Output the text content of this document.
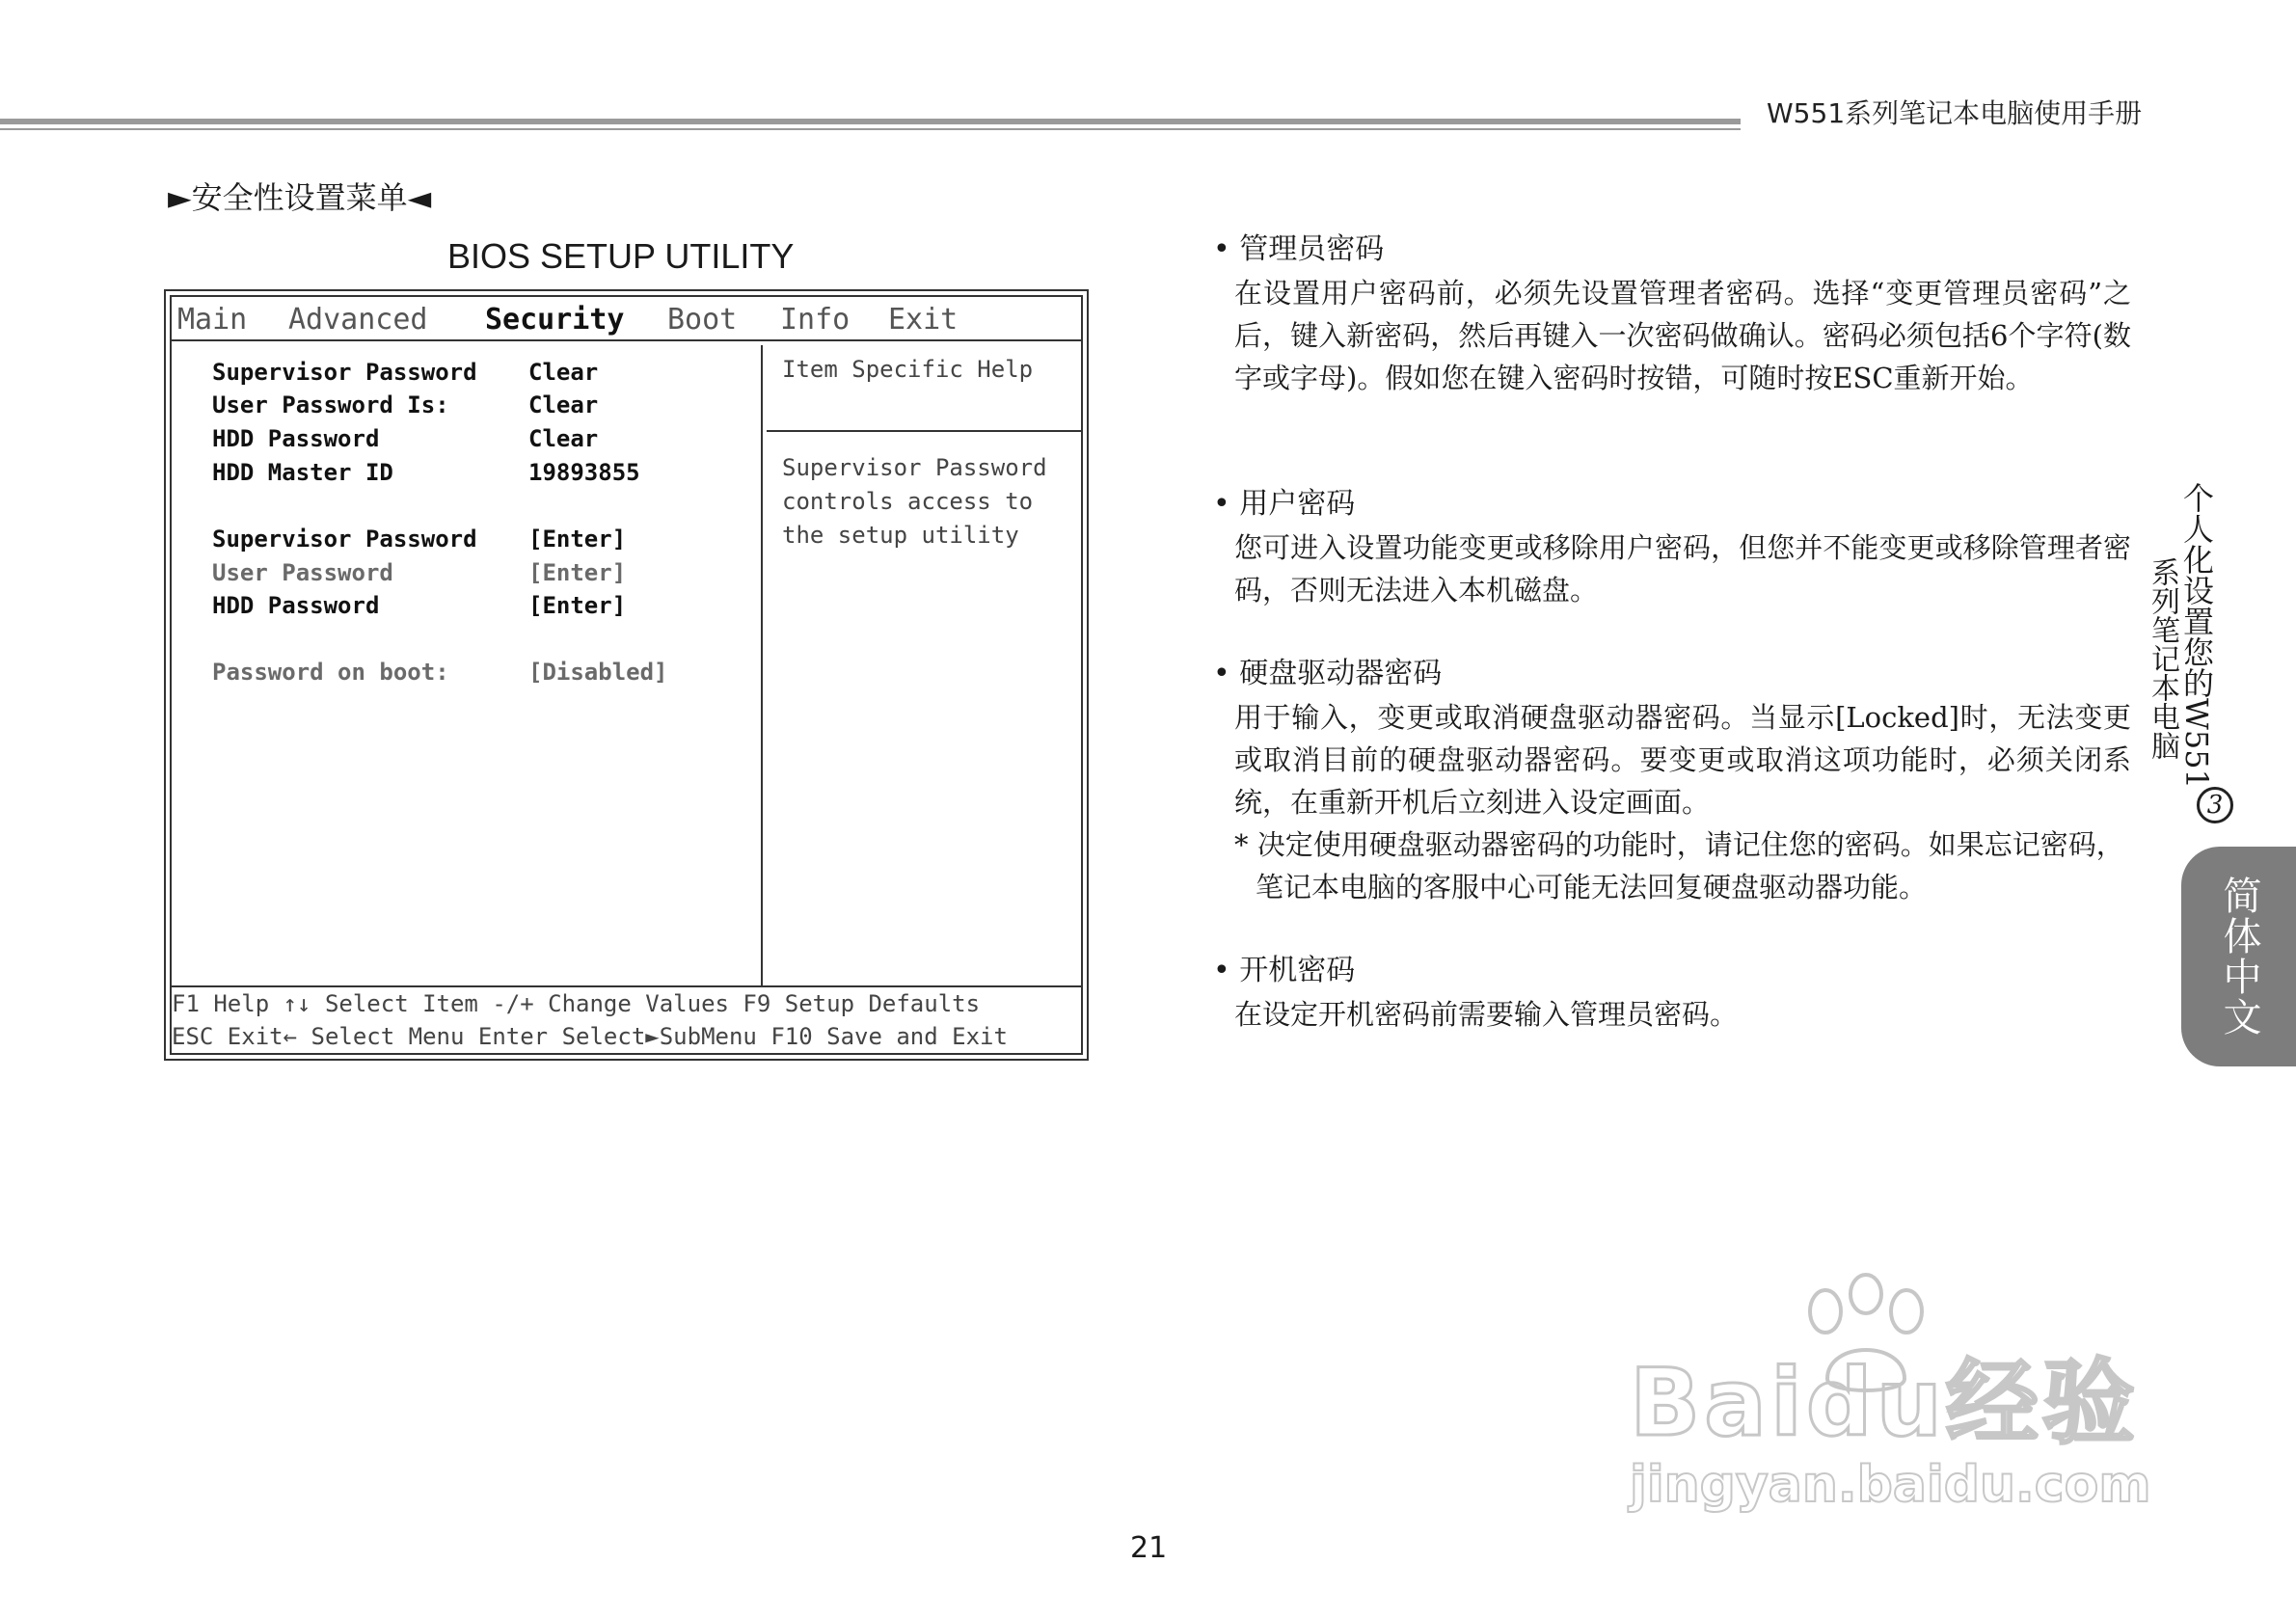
W551系列笔记本电脑使用手册
►安全性设置菜单◄
BIOS SETUP UTILITY
Main Advanced Security Boot Info Exit
Supervisor Password Clear
User Password Is:	Clear
HDD Password	Clear
HDD Master ID	19893855
Supervisor Password [Enter]
User Password	[Enter]
HDD Password	[Enter]
Password on boot:	[Disabled]
Item Specific Help
Supervisor Password
controls access to
the setup utility
F1 Help ↑↓ Select Item -/+ Change Values F9 Setup Defaults
ESC Exit← Select Menu Enter Select►SubMenu F10 Save and Exit
• 管理员密码
在设置用户密码前，必须先设置管理者密码。选择“变更管理员密码”之后，键入新密码，然后再键入一次密码做确认。密码必须包括6个字符(数字或字母)。假如您在键入密码时按错，可随时按ESC重新开始。
• 用户密码
您可进入设置功能变更或移除用户密码，但您并不能变更或移除管理者密码，否则无法进入本机磁盘。
• 硬盘驱动器密码
用于输入，变更或取消硬盘驱动器密码。当显示[Locked]时，无法变更或取消目前的硬盘驱动器密码。要变更或取消这项功能时，必须关闭系统，在重新开机后立刻进入设定画面。
* 决定使用硬盘驱动器密码的功能时，请记住您的密码。如果忘记密码，笔记本电脑的客服中心可能无法回复硬盘驱动器功能。
• 开机密码
在设定开机密码前需要输入管理员密码。
个人化设置您的W551
系列笔记本电脑
3
简体中文
21
Baidu经验
jingyan.baidu.com
